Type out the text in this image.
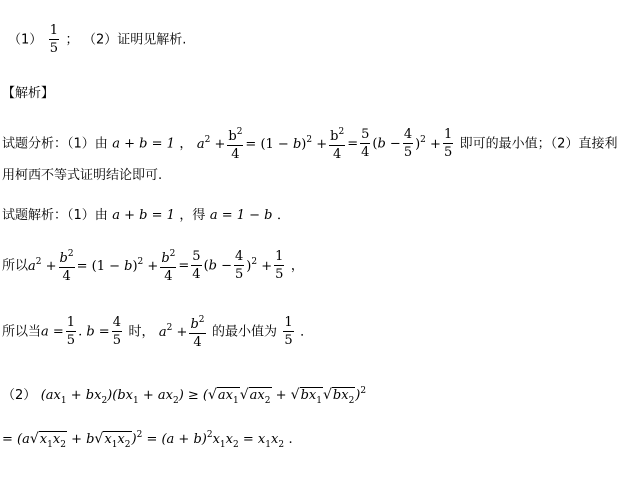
$(1) \frac{1}{5}$ ； （2）证明见解析.
【解析】
试题分析：（1）由 a + b = 1 ， $a^2 + \frac{b^2}{4} = (1 - b)^2 + \frac{b^2}{4} = \frac{5}{4} (b - \frac{4}{5} )^2 + \frac{1}{5}$ 即可的最小值；（2）直接利
用柯西不等式证明结论即可.
试题解析：（1）由 a + b = 1 ，得 a = 1 − b ．
所以$a^2 + \frac{b^2}{4} = (1 - b)^2 + \frac{b^2}{4} = \frac{5}{4} (b - \frac{4}{5} )^2 + \frac{1}{5}$ ，
所以当$a = \frac{1}{5}$ . $b = \frac{4}{5}$ 时， $a^2 + \frac{b^2}{4}$ 的最小值为 $\frac{1}{5}$ ．
（2） $(ax_1 + bx_2)(bx_1 + ax_2) \ge (√ax_1√ax_2 + √bx_1√bx_2)^2$
= $(a√x_1x_2 + b√x_1x_2)^2 = (a + b)^2x_1x_2 = x_1x_2$ .
